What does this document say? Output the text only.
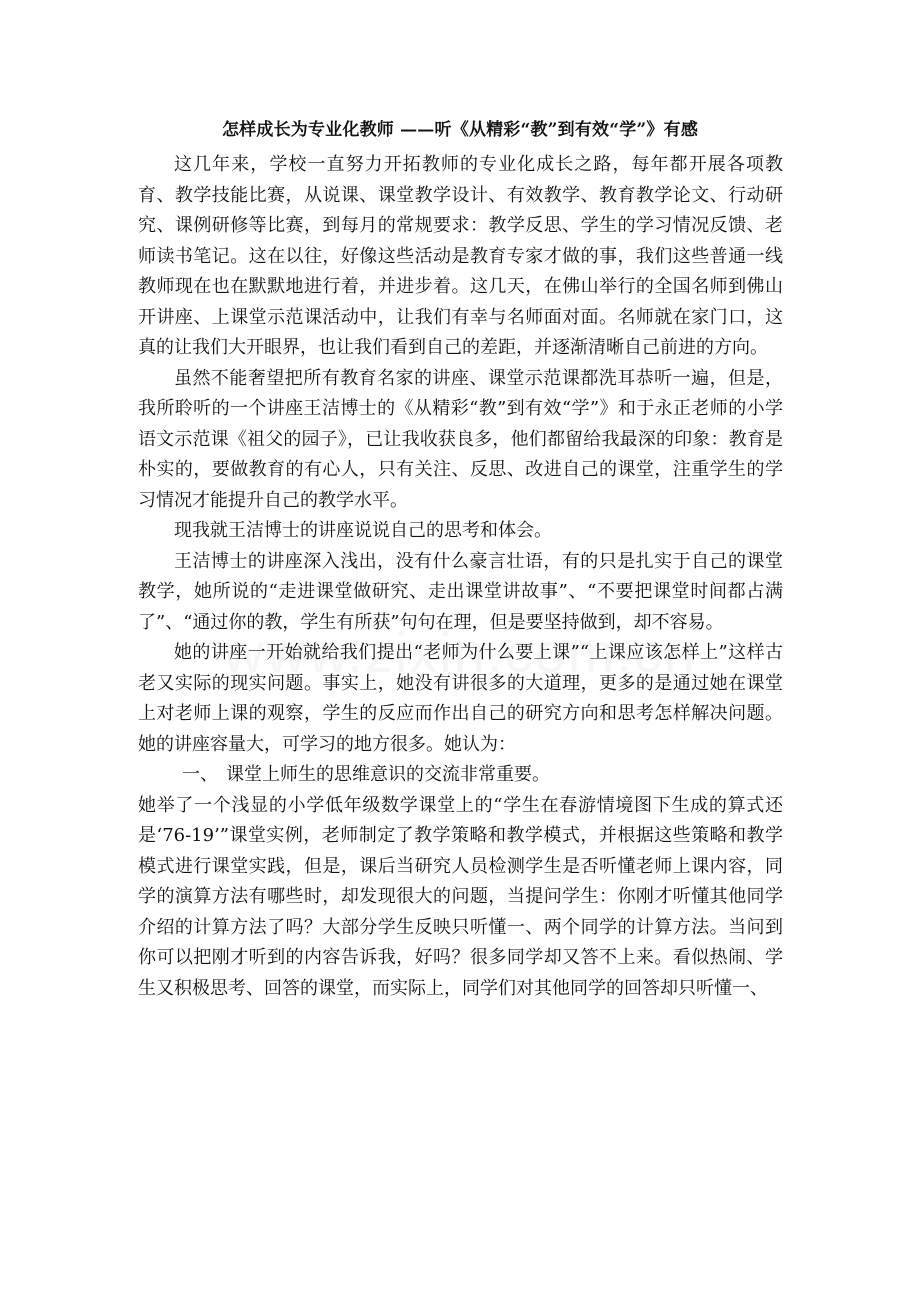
怎样成长为专业化教师 ——听《从精彩“教”到有效“学”》有感

这几年来，学校一直努力开拓教师的专业化成长之路，每年都开展各项教育、教学技能比赛，从说课、课堂教学设计、有效教学、教育教学论文、行动研究、课例研修等比赛，到每月的常规要求：教学反思、学生的学习情况反馈、老师读书笔记。这在以往，好像这些活动是教育专家才做的事，我们这些普通一线教师现在也在默默地进行着，并进步着。这几天，在佛山举行的全国名师到佛山开讲座、上课堂示范课活动中，让我们有幸与名师面对面。名师就在家门口，这真的让我们大开眼界，也让我们看到自己的差距，并逐渐清晰自己前进的方向。

虽然不能奢望把所有教育名家的讲座、课堂示范课都洗耳恭听一遍，但是，我所聆听的一个讲座王洁博士的《从精彩“教”到有效“学”》和于永正老师的小学语文示范课《祖父的园子》，已让我收获良多，他们都留给我最深的印象：教育是朴实的，要做教育的有心人，只有关注、反思、改进自己的课堂，注重学生的学习情况才能提升自己的教学水平。

现我就王洁博士的讲座说说自己的思考和体会。

王洁博士的讲座深入浅出，没有什么豪言壮语，有的只是扎实于自己的课堂教学，她所说的“走进课堂做研究、走出课堂讲故事”、“不要把课堂时间都占满了”、“通过你的教，学生有所获”句句在理，但是要坚持做到，却不容易。

她的讲座一开始就给我们提出“老师为什么要上课”“上课应该怎样上”这样古老又实际的现实问题。事实上，她没有讲很多的大道理，更多的是通过她在课堂上对老师上课的观察，学生的反应而作出自己的研究方向和思考怎样解决问题。她的讲座容量大，可学习的地方很多。她认为：

一、 课堂上师生的思维意识的交流非常重要。

她举了一个浅显的小学低年级数学课堂上的“学生在春游情境图下生成的算式还是‘76-19’”课堂实例，老师制定了教学策略和教学模式，并根据这些策略和教学模式进行课堂实践，但是，课后当研究人员检测学生是否听懂老师上课内容，同学的演算方法有哪些时，却发现很大的问题，当提问学生：你刚才听懂其他同学介绍的计算方法了吗？大部分学生反映只听懂一、两个同学的计算方法。当问到你可以把刚才听到的内容告诉我，好吗？很多同学却又答不上来。看似热闹、学生又积极思考、回答的课堂，而实际上，同学们对其他同学的回答却只听懂一、
